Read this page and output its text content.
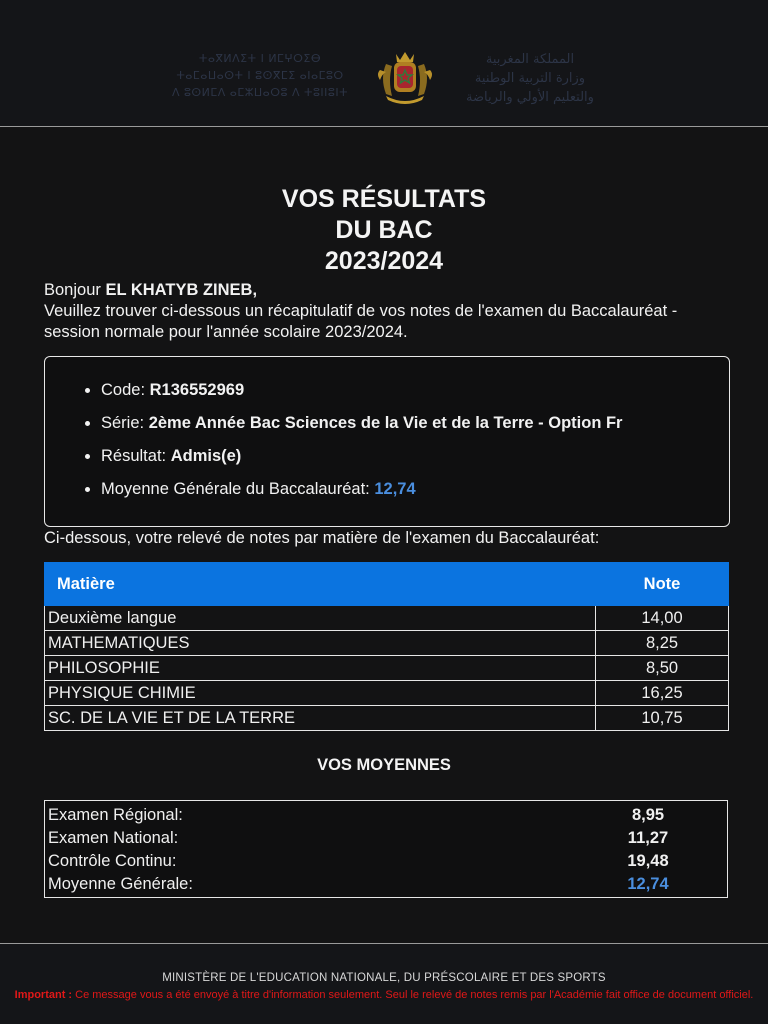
ⵜⴰⴳⵍⴷⵉⵜ ⵏ ⵍⵎⵖⵔⵉⴱ
ⵜⴰⵎⴰⵡⴰⵙⵜ ⵏ ⵓⵙⴳⵎⵉ ⴰⵏⴰⵎⵓⵔ
ⴷ ⵓⵙⵍⵎⴷ ⴰⵎⵣⵡⴰⵔⵓ ⴷ ⵜⵓⵏⵏⵓⵏⵜ
المملكة المغربية
وزارة التربية الوطنية
والتعليم الأولي والرياضة
VOS RÉSULTATS
DU BAC
2023/2024
Bonjour EL KHATYB ZINEB,
Veuillez trouver ci-dessous un récapitulatif de vos notes de l'examen du Baccalauréat - session normale pour l'année scolaire 2023/2024.
Code: R136552969
Série: 2ème Année Bac Sciences de la Vie et de la Terre - Option Fr
Résultat: Admis(e)
Moyenne Générale du Baccalauréat: 12,74
Ci-dessous, votre relevé de notes par matière de l'examen du Baccalauréat:
Matière	Note
Deuxième langue	14,00
MATHEMATIQUES	8,25
PHILOSOPHIE	8,50
PHYSIQUE CHIMIE	16,25
SC. DE LA VIE ET DE LA TERRE	10,75
VOS MOYENNES
Examen Régional:	8,95
Examen National:	11,27
Contrôle Continu:	19,48
Moyenne Générale:	12,74
MINISTÈRE DE L'EDUCATION NATIONALE, DU PRÉSCOLAIRE ET DES SPORTS
Important : Ce message vous a été envoyé à titre d'information seulement. Seul le relevé de notes remis par l'Académie fait office de document officiel.
